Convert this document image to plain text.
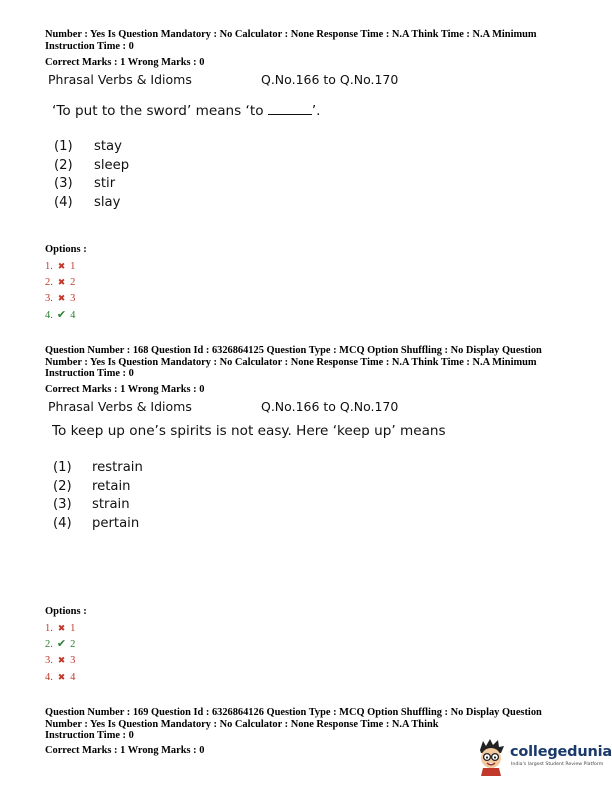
Number : Yes Is Question Mandatory : No Calculator : None Response Time : N.A Think Time : N.A Minimum
Instruction Time : 0
Correct Marks : 1 Wrong Marks : 0
Phrasal Verbs & Idioms	Q.No.166 to Q.No.170
‘To put to the sword’ means ‘to	’.
(1) stay
(2) sleep
(3) stir
(4) slay
Options :
1. ✖ 1
2. ✖ 2
3. ✖ 3
4. ✔ 4
Question Number : 168 Question Id : 6326864125 Question Type : MCQ Option Shuffling : No Display Question
Number : Yes Is Question Mandatory : No Calculator : None Response Time : N.A Think Time : N.A Minimum
Instruction Time : 0
Correct Marks : 1 Wrong Marks : 0
Phrasal Verbs & Idioms	Q.No.166 to Q.No.170
To keep up one’s spirits is not easy. Here ‘keep up’ means
(1) restrain
(2) retain
(3) strain
(4) pertain
Options :
1. ✖ 1
2. ✔ 2
3. ✖ 3
4. ✖ 4
Question Number : 169 Question Id : 6326864126 Question Type : MCQ Option Shuffling : No Display Question
Number : Yes Is Question Mandatory : No Calculator : None Response Time : N.A Think
Instruction Time : 0
Correct Marks : 1 Wrong Marks : 0	collegedunia
India's largest Student Review Platform
